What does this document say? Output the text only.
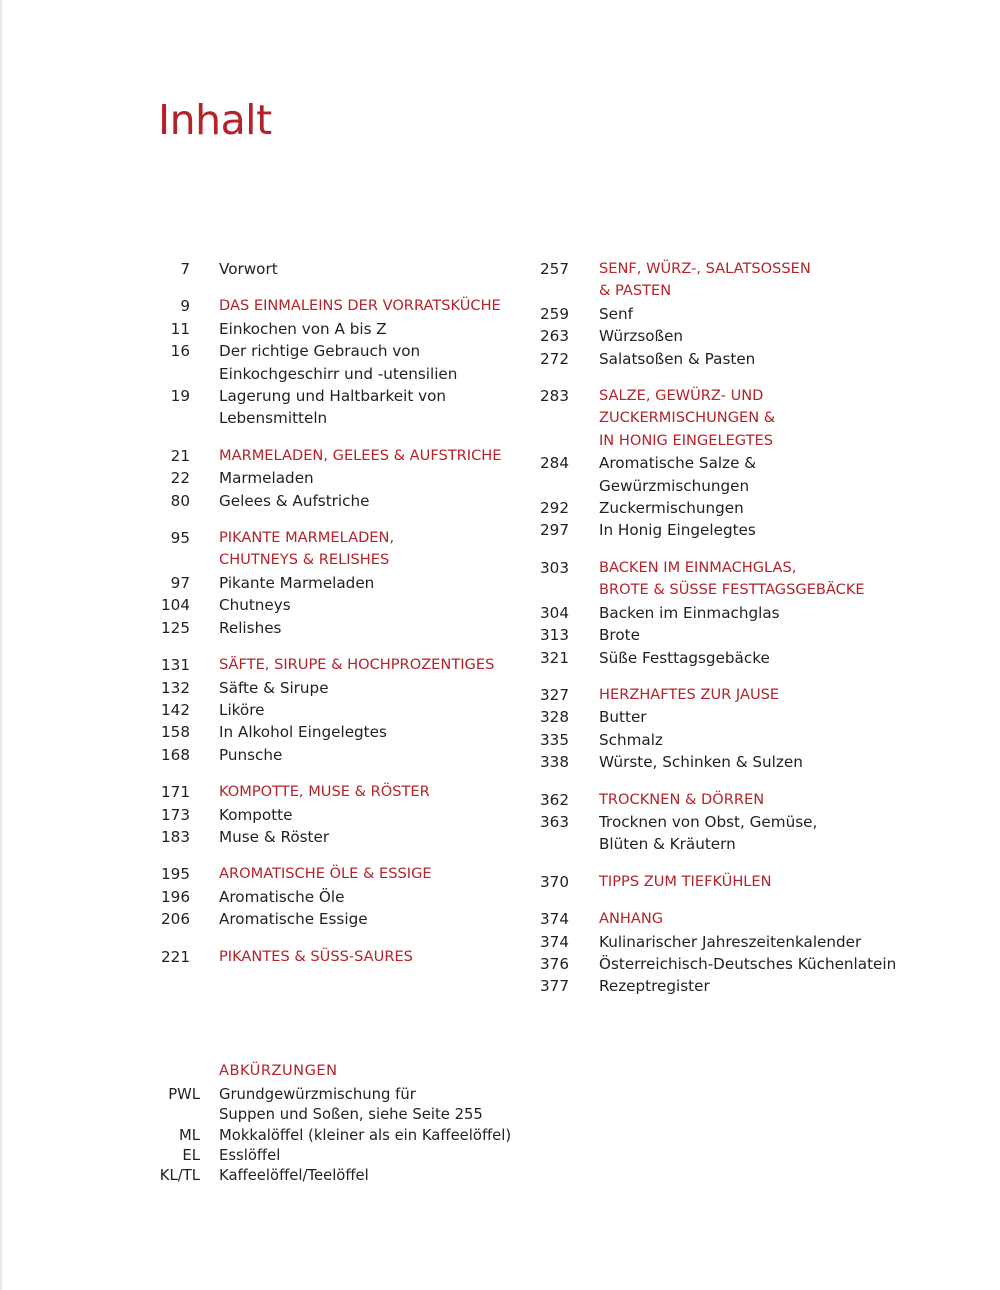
Inhalt
7 Vorwort
9 DAS EINMALEINS DER VORRATSKÜCHE
11 Einkochen von A bis Z
16 Der richtige Gebrauch von
Einkochgeschirr und -utensilien
19 Lagerung und Haltbarkeit von
Lebensmitteln
21 MARMELADEN, GELEES & AUFSTRICHE
22 Marmeladen
80 Gelees & Aufstriche
95 PIKANTE MARMELADEN,
CHUTNEYS & RELISHES
97 Pikante Marmeladen
104 Chutneys
125 Relishes
131 SÄFTE, SIRUPE & HOCHPROZENTIGES
132 Säfte & Sirupe
142 Liköre
158 In Alkohol Eingelegtes
168 Punsche
171 KOMPOTTE, MUSE & RÖSTER
173 Kompotte
183 Muse & Röster
195 AROMATISCHE ÖLE & ESSIGE
196 Aromatische Öle
206 Aromatische Essige
221 PIKANTES & SÜSS-SAURES
257 SENF, WÜRZ-, SALATSOSSEN
& PASTEN
259 Senf
263 Würzsoßen
272 Salatsoßen & Pasten
283 SALZE, GEWÜRZ- UND
ZUCKERMISCHUNGEN &
IN HONIG EINGELEGTES
284 Aromatische Salze &
Gewürzmischungen
292 Zuckermischungen
297 In Honig Eingelegtes
303 BACKEN IM EINMACHGLAS,
BROTE & SÜSSE FESTTAGSGEBÄCKE
304 Backen im Einmachglas
313 Brote
321 Süße Festtagsgebäcke
327 HERZHAFTES ZUR JAUSE
328 Butter
335 Schmalz
338 Würste, Schinken & Sulzen
362 TROCKNEN & DÖRREN
363 Trocknen von Obst, Gemüse,
Blüten & Kräutern
370 TIPPS ZUM TIEFKÜHLEN
374 ANHANG
374 Kulinarischer Jahreszeitenkalender
376 Österreichisch-Deutsches Küchenlatein
377 Rezeptregister
ABKÜRZUNGEN
PWL Grundgewürzmischung für
Suppen und Soßen, siehe Seite 255
ML Mokkalöffel (kleiner als ein Kaffeelöffel)
EL Esslöffel
KL/TL Kaffeelöffel/Teelöffel
